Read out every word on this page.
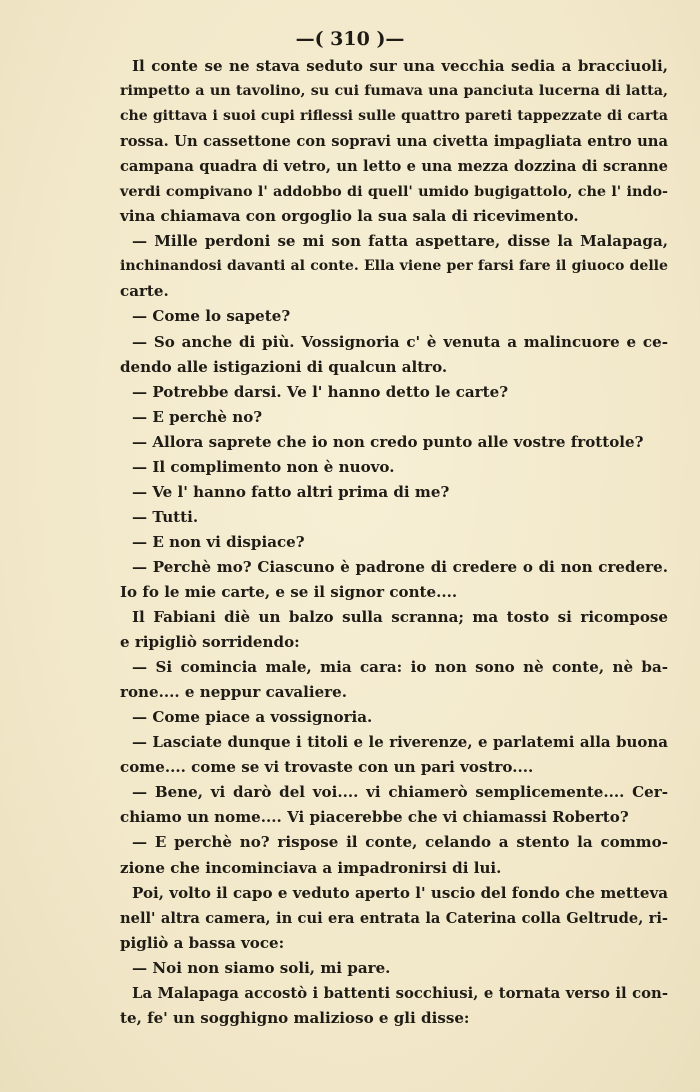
—( 310 )—
Il conte se ne stava seduto sur una vecchia sedia a bracciuoli,
rimpetto a un tavolino, su cui fumava una panciuta lucerna di latta,
che gittava i suoi cupi riflessi sulle quattro pareti tappezzate di carta
rossa. Un cassettone con sopravi una civetta impagliata entro una
campana quadra di vetro, un letto e una mezza dozzina di scranne
verdi compivano l' addobbo di quell' umido bugigattolo, che l' indo-
vina chiamava con orgoglio la sua sala di ricevimento.
— Mille perdoni se mi son fatta aspettare, disse la Malapaga,
inchinandosi davanti al conte. Ella viene per farsi fare il giuoco delle
carte.
— Come lo sapete?
— So anche di più. Vossignoria c' è venuta a malincuore e ce-
dendo alle istigazioni di qualcun altro.
— Potrebbe darsi. Ve l' hanno detto le carte?
— E perchè no?
— Allora saprete che io non credo punto alle vostre frottole?
— Il complimento non è nuovo.
— Ve l' hanno fatto altri prima di me?
— Tutti.
— E non vi dispiace?
— Perchè mo? Ciascuno è padrone di credere o di non credere.
Io fo le mie carte, e se il signor conte....
Il Fabiani diè un balzo sulla scranna; ma tosto si ricompose
e ripigliò sorridendo:
— Si comincia male, mia cara: io non sono nè conte, nè ba-
rone.... e neppur cavaliere.
— Come piace a vossignoria.
— Lasciate dunque i titoli e le riverenze, e parlatemi alla buona
come.... come se vi trovaste con un pari vostro....
— Bene, vi darò del voi.... vi chiamerò semplicemente.... Cer-
chiamo un nome.... Vi piacerebbe che vi chiamassi Roberto?
— E perchè no? rispose il conte, celando a stento la commo-
zione che incominciava a impadronirsi di lui.
Poi, volto il capo e veduto aperto l' uscio del fondo che metteva
nell' altra camera, in cui era entrata la Caterina colla Geltrude, ri-
pigliò a bassa voce:
— Noi non siamo soli, mi pare.
La Malapaga accostò i battenti socchiusi, e tornata verso il con-
te, fe' un sogghigno malizioso e gli disse:
